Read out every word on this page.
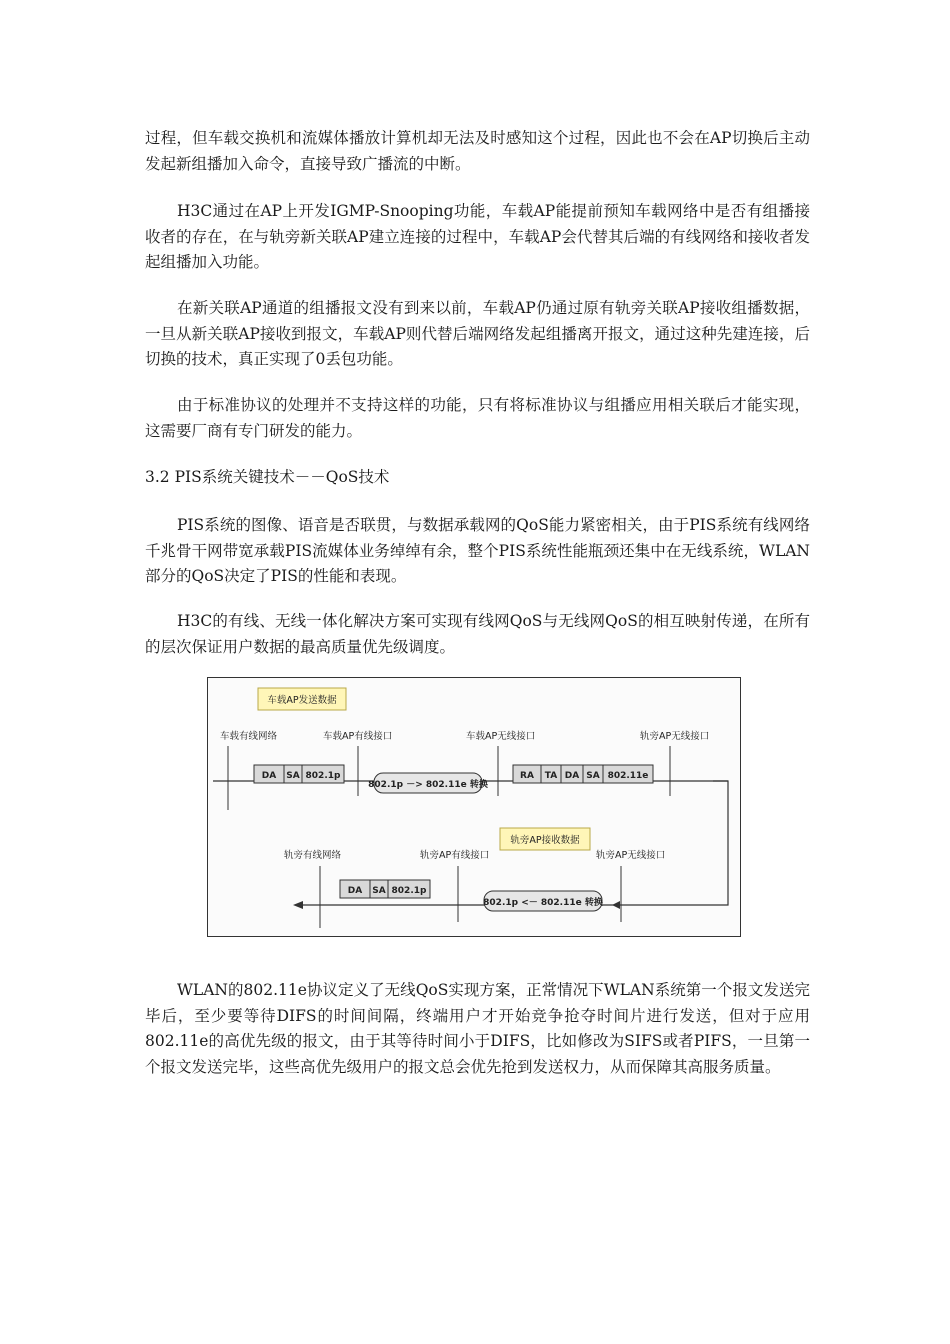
过程，但车载交换机和流媒体播放计算机却无法及时感知这个过程，因此也不会在AP切换后主动发起新组播加入命令，直接导致广播流的中断。

H3C通过在AP上开发IGMP-Snooping功能，车载AP能提前预知车载网络中是否有组播接收者的存在，在与轨旁新关联AP建立连接的过程中，车载AP会代替其后端的有线网络和接收者发起组播加入功能。

在新关联AP通道的组播报文没有到来以前，车载AP仍通过原有轨旁关联AP接收组播数据，一旦从新关联AP接收到报文，车载AP则代替后端网络发起组播离开报文，通过这种先建连接，后切换的技术，真正实现了0丢包功能。

由于标准协议的处理并不支持这样的功能，只有将标准协议与组播应用相关联后才能实现，这需要厂商有专门研发的能力。

3.2 PIS系统关键技术－－QoS技术

PIS系统的图像、语音是否联贯，与数据承载网的QoS能力紧密相关，由于PIS系统有线网络千兆骨干网带宽承载PIS流媒体业务绰绰有余，整个PIS系统性能瓶颈还集中在无线系统，WLAN部分的QoS决定了PIS的性能和表现。

H3C的有线、无线一体化解决方案可实现有线网QoS与无线网QoS的相互映射传递，在所有的层次保证用户数据的最高质量优先级调度。

车载AP发送数据
轨旁AP接收数据
车载有线网络	车载AP有线接口	车载AP无线接口	轨旁AP无线接口
DA SA 802.1p
802.1p －> 802.11e 转换
RA TA DA SA 802.11e
轨旁有线网络	轨旁AP有线接口	轨旁AP无线接口
DA SA 802.1p
802.1p <－ 802.11e 转换

WLAN的802.11e协议定义了无线QoS实现方案，正常情况下WLAN系统第一个报文发送完毕后，至少要等待DIFS的时间间隔，终端用户才开始竞争抢夺时间片进行发送，但对于应用802.11e的高优先级的报文，由于其等待时间小于DIFS，比如修改为SIFS或者PIFS，一旦第一个报文发送完毕，这些高优先级用户的报文总会优先抢到发送权力，从而保障其高服务质量。
